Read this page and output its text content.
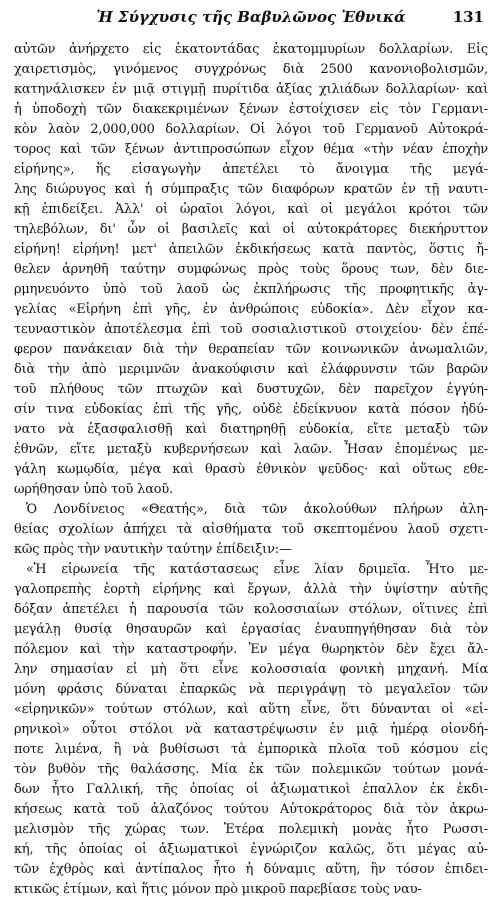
Ἡ Σύγχυσις τῆς Βαβυλῶνος Ἐθνικά	131

αὐτῶν ἀνήρχετο εἰς ἑκατοντάδας ἑκατομμυρίων δολλαρίων. Εἰς
χαιρετισμὸς, γινόμενος συγχρόνως διὰ 2500 κανονιοβολισμῶν,
κατηνάλισκεν ἐν μιᾷ στιγμῇ πυρίτιδα ἀξίας χιλιάδων δολλαρίων· καὶ
ἡ ὑποδοχὴ τῶν διακεκριμένων ξένων ἐστοίχισεν εἰς τὸν Γερμανι-
κὸν λαὸν 2,000,000 δολλαρίων. Οἱ λόγοι τοῦ Γερμανοῦ Αὐτοκρά-
τορος καὶ τῶν ξένων ἀντιπροσώπων εἶχον θέμα «τὴν νέαν ἐποχὴν
εἰρήνης», ἥς εἰσαγωγὴν ἀπετέλει τὸ ἄνοιγμα τῆς μεγά-
λης διώρυγος καὶ ἡ σύμπραξις τῶν διαφόρων κρατῶν ἐν τῇ ναυτι-
κῇ ἐπιδείξει. Ἀλλ' οἱ ὡραῖοι λόγοι, καὶ οἱ μεγάλοι κρότοι τῶν
τηλεβόλων, δι' ὧν οἱ βασιλεῖς καὶ οἱ αὐτοκράτορες διεκήρυττον
εἰρήνη! εἰρήνη! μετ' ἀπειλῶν ἐκδικήσεως κατὰ παντὸς, ὅστις ἤ-
θελεν ἀρνηθῆ ταύτην συμφώνως πρὸς τοὺς ὅρους των, δὲν διε-
ρμηνευόντο ὑπὸ τοῦ λαοῦ ὡς ἐκπλήρωσις τῆς προφητικῆς ἀγ-
γελίας «Εἰρήνη ἐπὶ γῆς, ἐν ἀνθρώποις εὐδοκία». Δὲν εἶχον κα-
τευναστικὸν ἀποτέλεσμα ἐπὶ τοῦ σοσιαλιστικοῦ στοιχείου· δὲν ἐπέ-
φερον πανάκειαν διὰ τὴν θεραπείαν τῶν κοινωνικῶν ἀνωμαλιῶν,
διὰ τὴν ἀπὸ μεριμνῶν ἀνακούφισιν καὶ ἐλάφρυνσιν τῶν βαρῶν
τοῦ πλήθους τῶν πτωχῶν καὶ δυστυχῶν, δὲν παρεῖχον ἐγγύη-
σίν τινα εὐδοκίας ἐπὶ τῆς γῆς, οὐδὲ ἐδείκνυον κατὰ πόσον ἠδύ-
νατο νὰ ἐξασφαλισθῇ καὶ διατηρηθῇ εὐδοκία, εἴτε μεταξὺ τῶν
ἐθνῶν, εἴτε μεταξὺ κυβερνήσεων καὶ λαῶν. Ἦσαν ἐπομένως με-
γάλη κωμῳδία, μέγα καὶ θρασὺ ἐθνικὸν ψεῦδος· καὶ οὕτως εθε-
ωρήθησαν ὑπὸ τοῦ λαοῦ.

Ὁ Λονδίνειος «Θεατής», διὰ τῶν ἀκολούθων πλήρων ἀλη-
θείας σχολίων ἀπήχει τὰ αἰσθήματα τοῦ σκεπτομένου λαοῦ σχετι-
κῶς πρὸς τὴν ναυτικὴν ταύτην ἐπίδειξιν:—

«Ἡ εἰρωνεία τῆς κατάστασεως εἶνε λίαν δριμεῖα. Ἦτο με-
γαλοπρεπὴς ἑορτὴ εἰρήνης καὶ ἔργων, ἀλλὰ τὴν ὑψίστην αὐτῆς
δόξαν ἀπετέλει ἡ παρουσία τῶν κολοσσιαίων στόλων, οἵτινες ἐπὶ
μεγάλῃ θυσίᾳ θησαυρῶν καὶ ἐργασίας ἐναυπηγήθησαν διὰ τὸν
πόλεμον καὶ τὴν καταστροφήν. Ἐν μέγα θωρηκτὸν δὲν ἔχει ἄλ-
λην σημασίαν εἰ μὴ ὅτι εἶνε κολοσσιαία φονικὴ μηχανή. Μία
μόνη φράσις δύναται ἐπαρκῶς νὰ περιγράψῃ τὸ μεγαλεῖον τῶν
«εἰρηνικῶν» τούτων στόλων, καὶ αὕτη εἶνε, ὅτι δύνανται οἱ «εἰ-
ρηνικοὶ» οὗτοι στόλοι νὰ καταστρέψωσιν ἐν μιᾷ ἡμέρᾳ οἱονδή-
ποτε λιμένα, ἢ νὰ βυθίσωσι τὰ ἐμπορικὰ πλοῖα τοῦ κόσμου εἰς
τὸν βυθὸν τῆς θαλάσσης. Μία ἐκ τῶν πολεμικῶν τούτων μονά-
δων ἦτο Γαλλική, τῆς ὁποίας οἱ ἀξιωματικοὶ ἐπαλλον ἐκ ἐκδι-
κήσεως κατὰ τοῦ ἀλαζόνος τούτου Αὐτοκράτορος διὰ τὸν ἀκρω-
μελισμὸν τῆς χώρας των. Ἑτέρα πολεμικὴ μονὰς ἦτο Ρωσσι-
κή, τῆς ὁποίας οἱ ἀξιωματικοὶ ἐγνώριζον καλῶς, ὅτι μέγας αὐ-
τῶν ἐχθρὸς καὶ ἀντίπαλος ἦτο ἡ δύναμις αὕτη, ἣν τόσον ἐπιδει-
κτικῶς ἐτίμων, καὶ ἥτις μόνον πρὸ μικροῦ παρεβίασε τοὺς ναυ-
